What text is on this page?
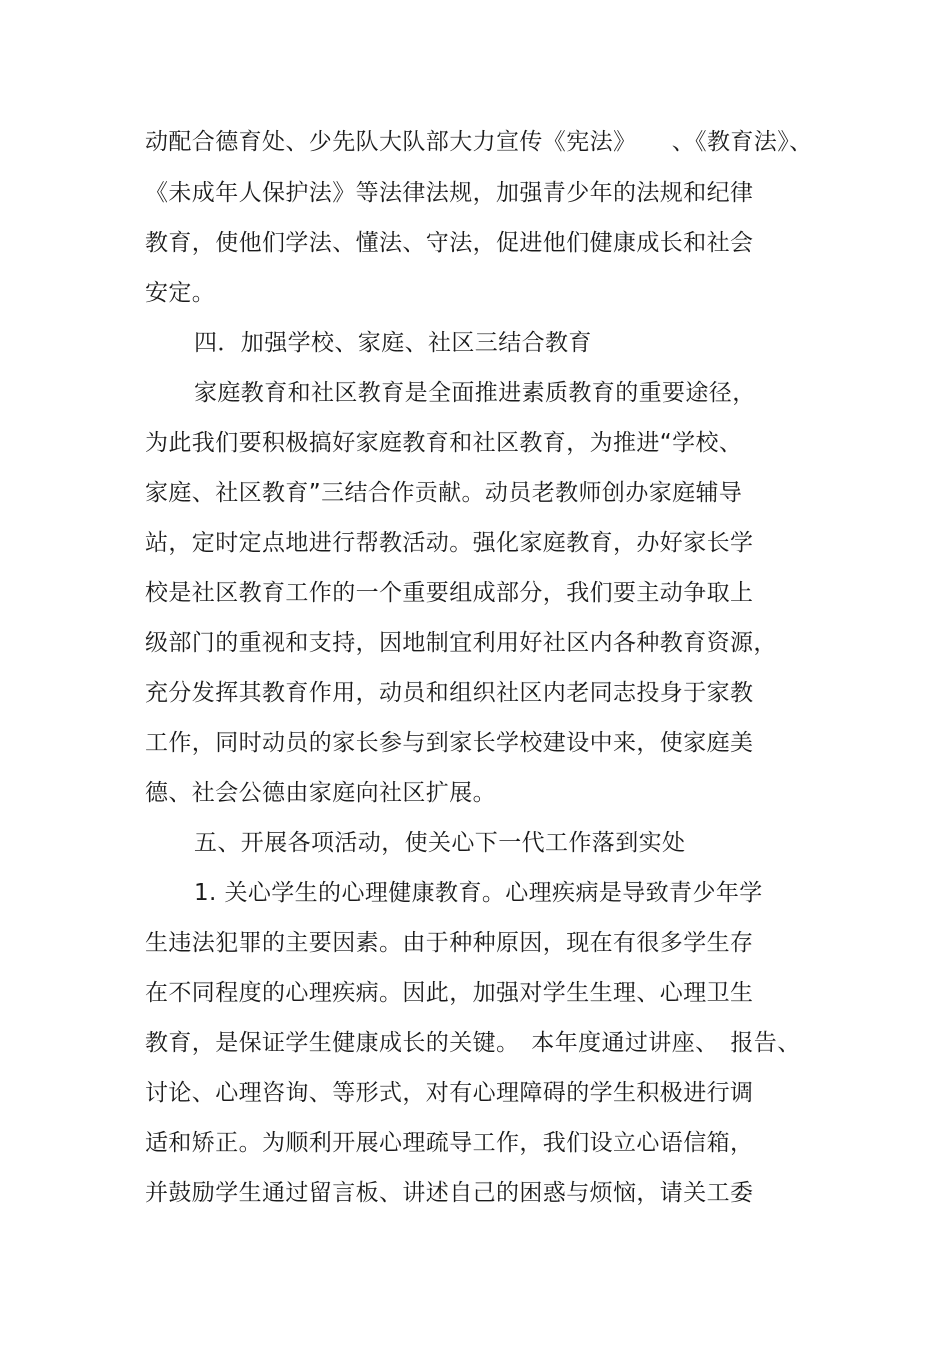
动配合德育处、少先队大队部大力宣传《宪法》　　、《教育法》、
《未成年人保护法》等法律法规，加强青少年的法规和纪律
教育，使他们学法、懂法、守法，促进他们健康成长和社会
安定。
四．加强学校、家庭、社区三结合教育
家庭教育和社区教育是全面推进素质教育的重要途径，
为此我们要积极搞好家庭教育和社区教育，为推进“学校、
家庭、社区教育”三结合作贡献。动员老教师创办家庭辅导
站，定时定点地进行帮教活动。强化家庭教育，办好家长学
校是社区教育工作的一个重要组成部分，我们要主动争取上
级部门的重视和支持，因地制宜利用好社区内各种教育资源，
充分发挥其教育作用，动员和组织社区内老同志投身于家教
工作，同时动员的家长参与到家长学校建设中来，使家庭美
德、社会公德由家庭向社区扩展。
五、开展各项活动，使关心下一代工作落到实处
1. 关心学生的心理健康教育。心理疾病是导致青少年学
生违法犯罪的主要因素。由于种种原因，现在有很多学生存
在不同程度的心理疾病。因此，加强对学生生理、心理卫生
教育，是保证学生健康成长的关键。　本年度通过讲座、　报告、
讨论、心理咨询、等形式，对有心理障碍的学生积极进行调
适和矫正。为顺利开展心理疏导工作，我们设立心语信箱，
并鼓励学生通过留言板、讲述自己的困惑与烦恼，请关工委
